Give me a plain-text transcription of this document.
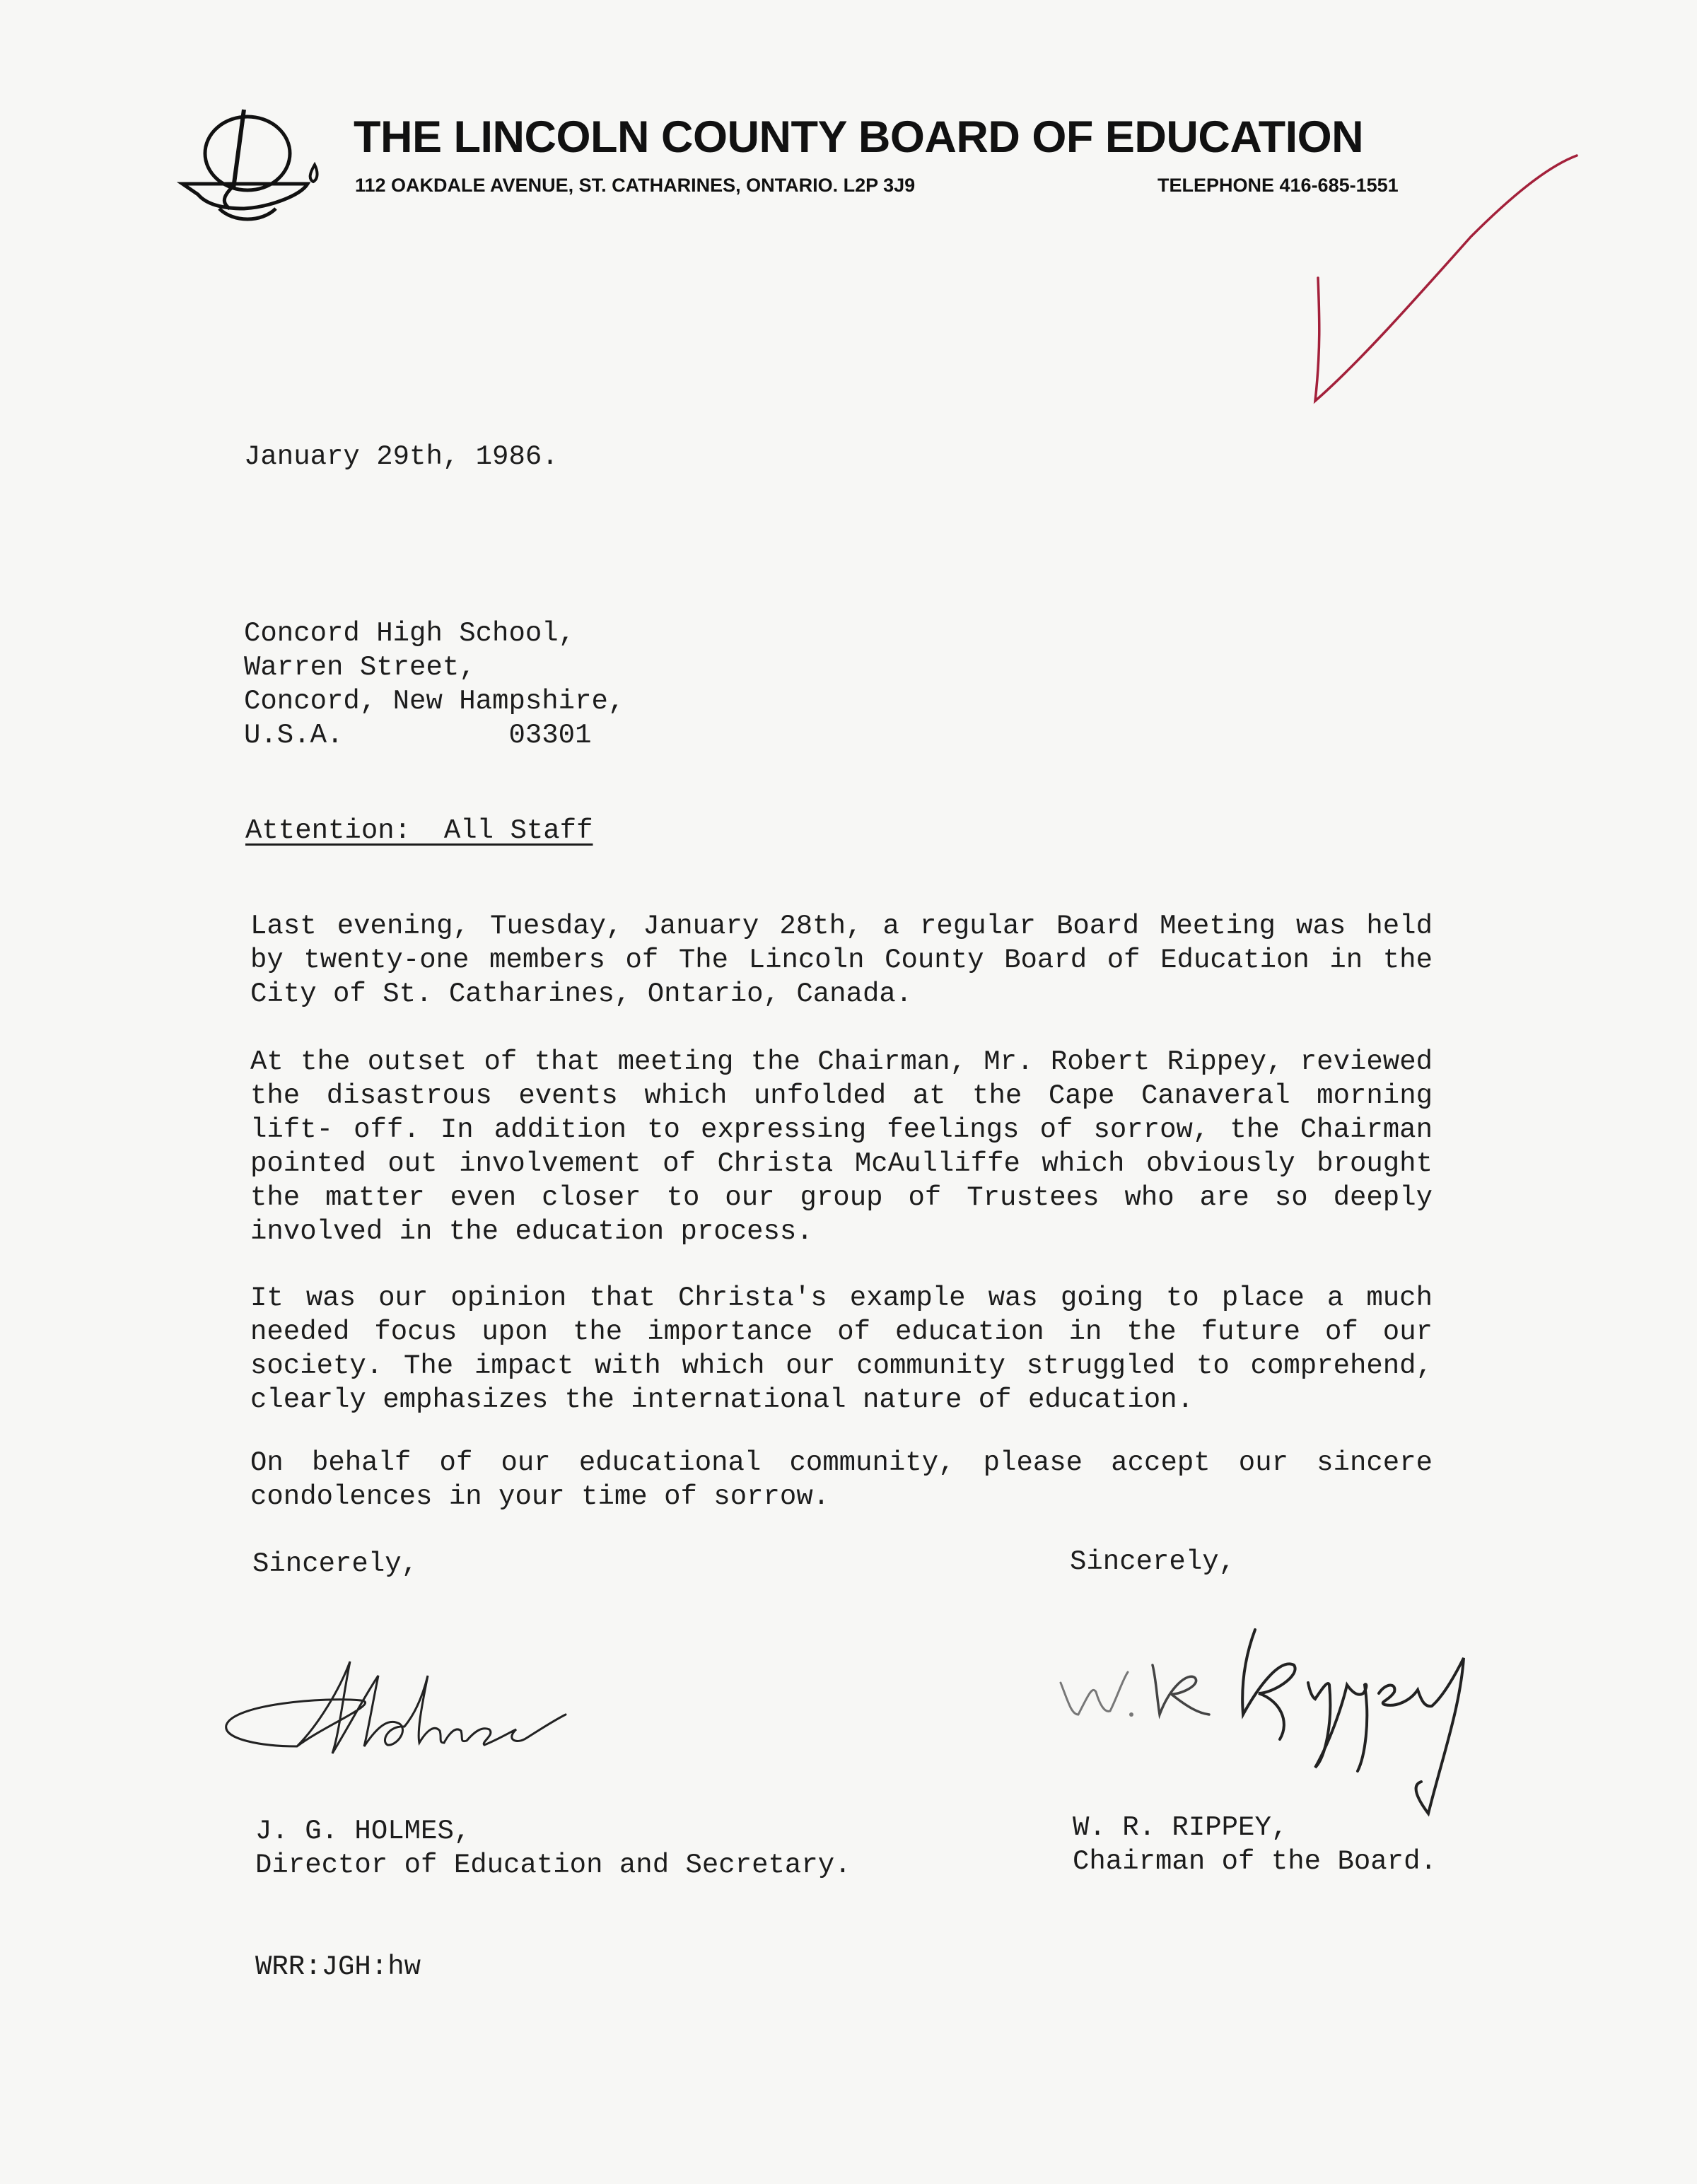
THE LINCOLN COUNTY BOARD OF EDUCATION
112 OAKDALE AVENUE, ST. CATHARINES, ONTARIO. L2P 3J9	TELEPHONE 416-685-1551
January 29th, 1986.
Concord High School,
Warren Street,
Concord, New Hampshire,
U.S.A.          03301
Attention:  All Staff
Last evening, Tuesday, January 28th, a regular Board Meeting was held by twenty-one members of The Lincoln County Board of Education in the City of St. Catharines, Ontario, Canada.
At the outset of that meeting the Chairman, Mr. Robert Rippey, reviewed the disastrous events which unfolded at the Cape Canaveral morning lift- off. In addition to expressing feelings of sorrow, the Chairman pointed out involvement of Christa McAulliffe which obviously brought the matter even closer to our group of Trustees who are so deeply involved in the education process.
It was our opinion that Christa's example was going to place a much needed focus upon the importance of education in the future of our society. The impact with which our community struggled to comprehend, clearly emphasizes the international nature of education.
On behalf of our educational community, please accept our sincere condolences in your time of sorrow.
Sincerely,	Sincerely,
J. G. HOLMES,
Director of Education and Secretary.
W. R. RIPPEY,
Chairman of the Board.
WRR:JGH:hw
